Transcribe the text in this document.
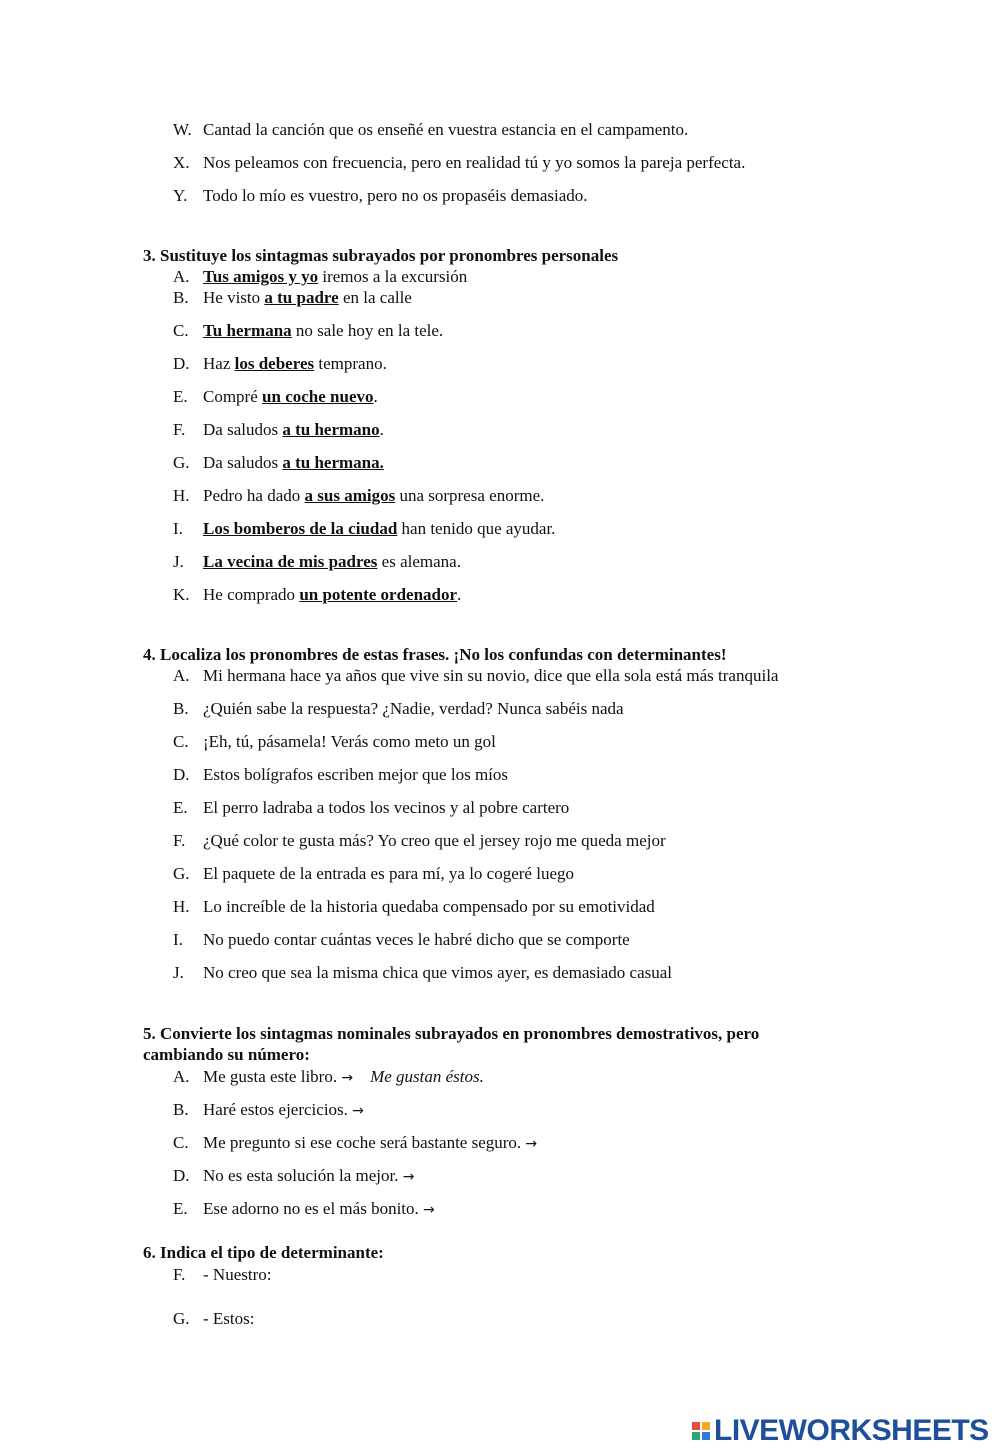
W. Cantad la canción que os enseñé en vuestra estancia en el campamento.
X. Nos peleamos con frecuencia, pero en realidad tú y yo somos la pareja perfecta.
Y. Todo lo mío es vuestro, pero no os propaséis demasiado.
3. Sustituye los sintagmas subrayados por pronombres personales
A. Tus amigos y yo iremos a la excursión
B. He visto a tu padre en la calle
C. Tu hermana no sale hoy en la tele.
D. Haz los deberes temprano.
E. Compré un coche nuevo.
F.	Da saludos a tu hermano.
G. Da saludos a tu hermana.
H. Pedro ha dado a sus amigos una sorpresa enorme.
I.	Los bomberos de la ciudad han tenido que ayudar.
J.	La vecina de mis padres es alemana.
K. He comprado un potente ordenador.
4. Localiza los pronombres de estas frases. ¡No los confundas con determinantes!
A. Mi hermana hace ya años que vive sin su novio, dice que ella sola está más tranquila
B. ¿Quién sabe la respuesta? ¿Nadie, verdad? Nunca sabéis nada
C. ¡Eh, tú, pásamela! Verás como meto un gol
D. Estos bolígrafos escriben mejor que los míos
E. El perro ladraba a todos los vecinos y al pobre cartero
F.	¿Qué color te gusta más? Yo creo que el jersey rojo me queda mejor
G. El paquete de la entrada es para mí, ya lo cogeré luego
H. Lo increíble de la historia quedaba compensado por su emotividad
I.	No puedo contar cuántas veces le habré dicho que se comporte
J.	No creo que sea la misma chica que vimos ayer, es demasiado casual
5. Convierte los sintagmas nominales subrayados en pronombres demostrativos, pero
cambiando su número:
A. Me gusta este libro. → Me gustan éstos.
B. Haré estos ejercicios. →
C. Me pregunto si ese coche será bastante seguro. →
D. No es esta solución la mejor. →
E. Ese adorno no es el más bonito. →
6. Indica el tipo de determinante:
F.	- Nuestro:
G. - Estos:
LIVEWORKSHEETS
